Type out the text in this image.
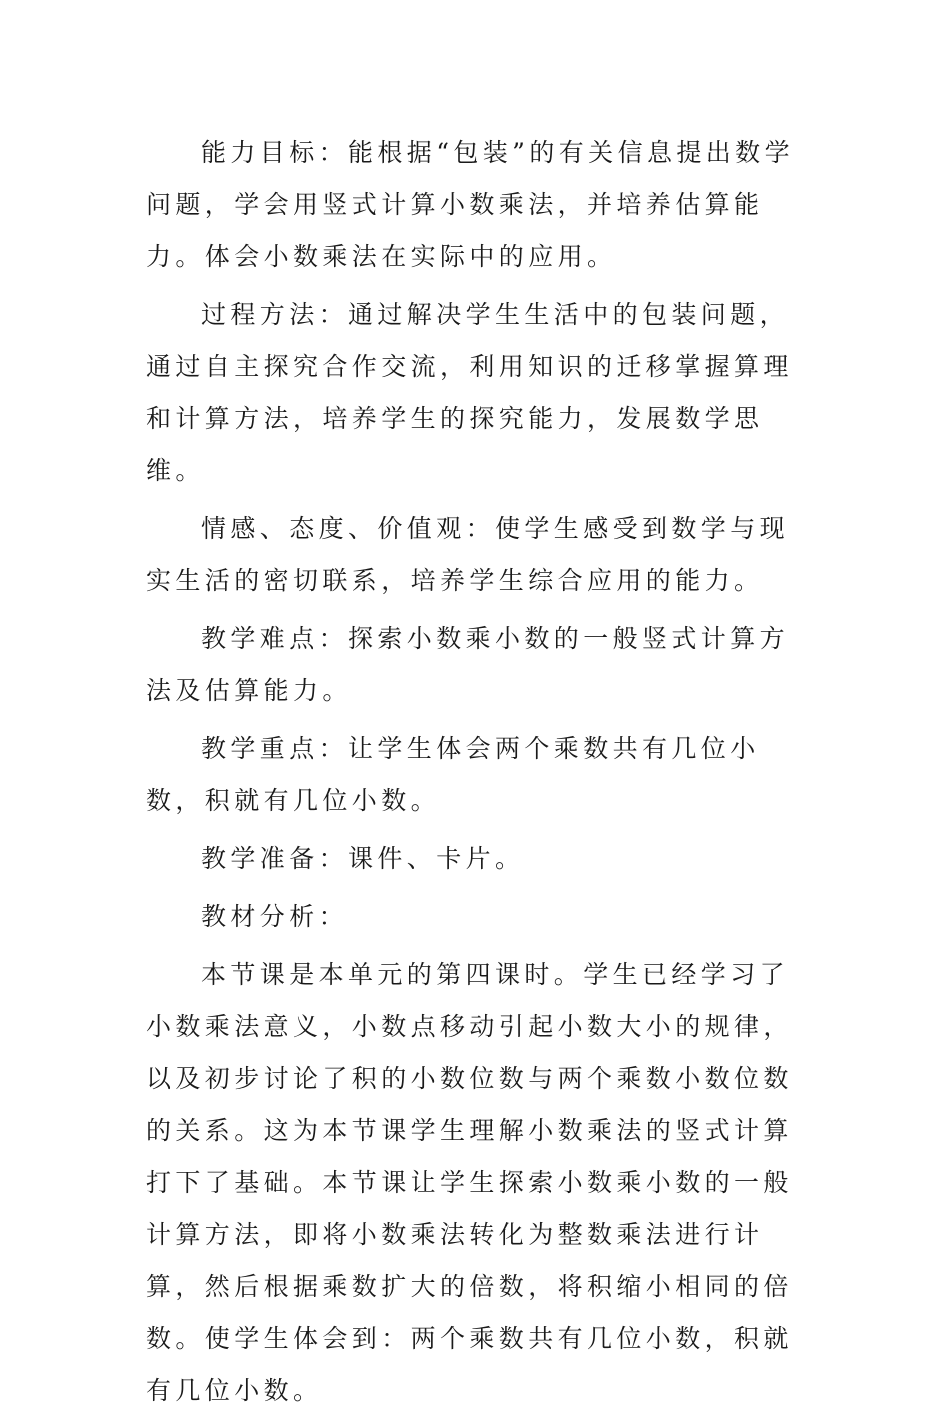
能力目标：能根据“包装”的有关信息提出数学问题，学会用竖式计算小数乘法，并培养估算能力。体会小数乘法在实际中的应用。

过程方法：通过解决学生生活中的包装问题，通过自主探究合作交流，利用知识的迁移掌握算理和计算方法，培养学生的探究能力，发展数学思维。

情感、态度、价值观：使学生感受到数学与现实生活的密切联系，培养学生综合应用的能力。

教学难点：探索小数乘小数的一般竖式计算方法及估算能力。

教学重点：让学生体会两个乘数共有几位小数，积就有几位小数。

教学准备：课件、卡片。

教材分析：

本节课是本单元的第四课时。学生已经学习了小数乘法意义，小数点移动引起小数大小的规律，以及初步讨论了积的小数位数与两个乘数小数位数的关系。这为本节课学生理解小数乘法的竖式计算打下了基础。本节课让学生探索小数乘小数的一般计算方法，即将小数乘法转化为整数乘法进行计算，然后根据乘数扩大的倍数，将积缩小相同的倍数。使学生体会到：两个乘数共有几位小数，积就有几位小数。
